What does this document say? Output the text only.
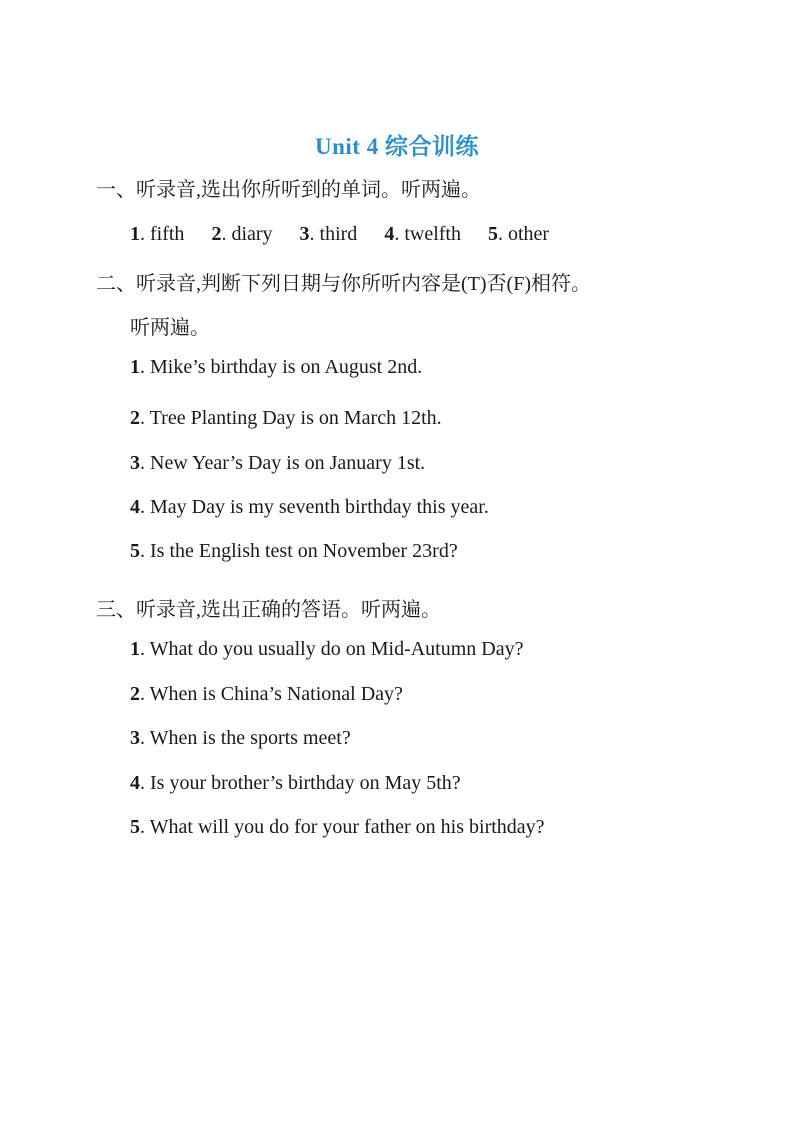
Unit 4 综合训练

一、听录音,选出你所听到的单词。听两遍。

1. fifth 2. diary 3. third 4. twelfth 5. other

二、听录音,判断下列日期与你所听内容是(T)否(F)相符。

听两遍。

1. Mike’s birthday is on August 2nd.
2. Tree Planting Day is on March 12th.
3. New Year’s Day is on January 1st.
4. May Day is my seventh birthday this year.
5. Is the English test on November 23rd?

三、听录音,选出正确的答语。听两遍。

1. What do you usually do on Mid-Autumn Day?
2. When is China’s National Day?
3. When is the sports meet?
4. Is your brother’s birthday on May 5th?
5. What will you do for your father on his birthday?
